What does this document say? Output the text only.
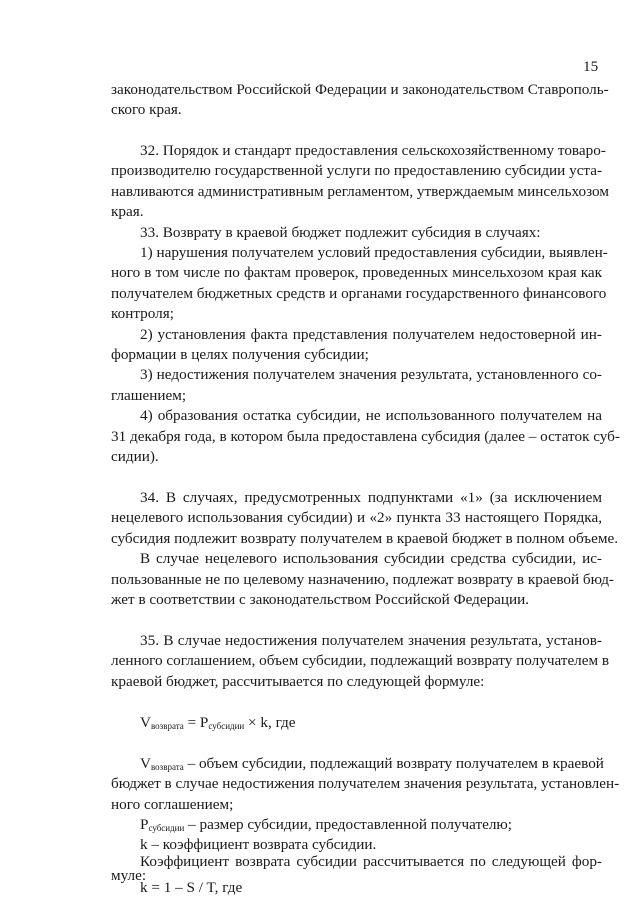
15
законодательством Российской Федерации и законодательством Ставрополь-
ского края.
32. Порядок и стандарт предоставления сельскохозяйственному товаро-
производителю государственной услуги по предоставлению субсидии уста-
навливаются административным регламентом, утверждаемым минсельхозом
края.
33. Возврату в краевой бюджет подлежит субсидия в случаях:
1) нарушения получателем условий предоставления субсидии, выявлен-
ного в том числе по фактам проверок, проведенных минсельхозом края как
получателем бюджетных средств и органами государственного финансового
контроля;
2) установления факта представления получателем недостоверной ин-
формации в целях получения субсидии;
3) недостижения получателем значения результата, установленного со-
глашением;
4) образования остатка субсидии, не использованного получателем на
31 декабря года, в котором была предоставлена субсидия (далее – остаток суб-
сидии).
34. В случаях, предусмотренных подпунктами «1» (за исключением
нецелевого использования субсидии) и «2» пункта 33 настоящего Порядка,
субсидия подлежит возврату получателем в краевой бюджет в полном объеме.
В случае нецелевого использования субсидии средства субсидии, ис-
пользованные не по целевому назначению, подлежат возврату в краевой бюд-
жет в соответствии с законодательством Российской Федерации.
35. В случае недостижения получателем значения результата, установ-
ленного соглашением, объем субсидии, подлежащий возврату получателем в
краевой бюджет, рассчитывается по следующей формуле:
$V_{возврата} = P_{субсидии} \times k$, где
$V_{возврата}$ – объем субсидии, подлежащий возврату получателем в краевой
бюджет в случае недостижения получателем значения результата, установлен-
ного соглашением;
$P_{субсидии}$ – размер субсидии, предоставленной получателю;
k – коэффициент возврата субсидии.
Коэффициент возврата субсидии рассчитывается по следующей фор-
муле:
k = 1 – S / T, где
